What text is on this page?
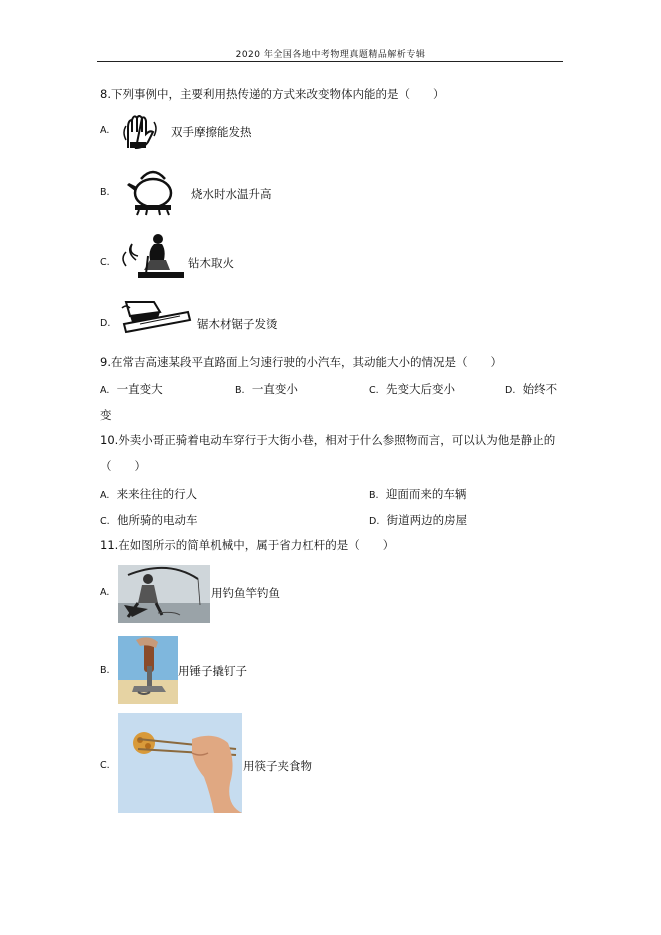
2020 年全国各地中考物理真题精品解析专辑
8.下列事例中，主要利用热传递的方式来改变物体内能的是（　　）
A.	双手摩擦能发热
B.	烧水时水温升高
C.	钻木取火
D.	锯木材锯子发烫
9.在常吉高速某段平直路面上匀速行驶的小汽车，其动能大小的情况是（　　）
A. 一直变大	B. 一直变小	C. 先变大后变小	D. 始终不
变
10.外卖小哥正骑着电动车穿行于大街小巷，相对于什么参照物而言，可以认为他是静止的
（　　）
A. 来来往往的行人	B. 迎面而来的车辆
C. 他所骑的电动车	D. 街道两边的房屋
11.在如图所示的简单机械中，属于省力杠杆的是（　　）
A.	用钓鱼竿钓鱼
B.	用锤子撬钉子
C.	用筷子夹食物
